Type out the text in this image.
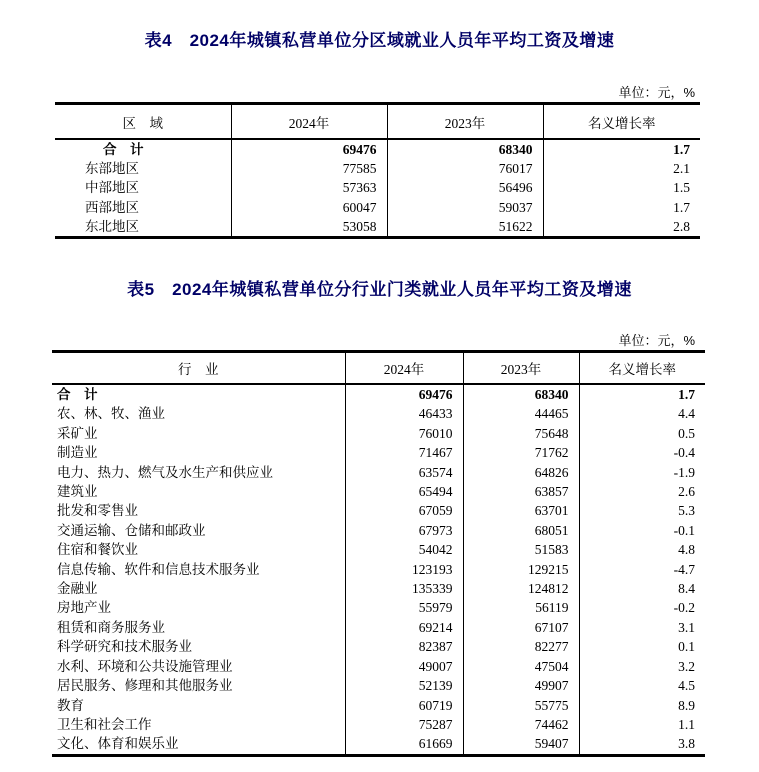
表4　2024年城镇私营单位分区域就业人员年平均工资及增速
单位：元，%
区　域	2024年	2023年	名义增长率
合　计	69476	68340	1.7
东部地区	77585	76017	2.1
中部地区	57363	56496	1.5
西部地区	60047	59037	1.7
东北地区	53058	51622	2.8
表5　2024年城镇私营单位分行业门类就业人员年平均工资及增速
单位：元，%
行　业	2024年	2023年	名义增长率
合　计	69476	68340	1.7
农、林、牧、渔业	46433	44465	4.4
采矿业	76010	75648	0.5
制造业	71467	71762	-0.4
电力、热力、燃气及水生产和供应业	63574	64826	-1.9
建筑业	65494	63857	2.6
批发和零售业	67059	63701	5.3
交通运输、仓储和邮政业	67973	68051	-0.1
住宿和餐饮业	54042	51583	4.8
信息传输、软件和信息技术服务业	123193	129215	-4.7
金融业	135339	124812	8.4
房地产业	55979	56119	-0.2
租赁和商务服务业	69214	67107	3.1
科学研究和技术服务业	82387	82277	0.1
水利、环境和公共设施管理业	49007	47504	3.2
居民服务、修理和其他服务业	52139	49907	4.5
教育	60719	55775	8.9
卫生和社会工作	75287	74462	1.1
文化、体育和娱乐业	61669	59407	3.8
